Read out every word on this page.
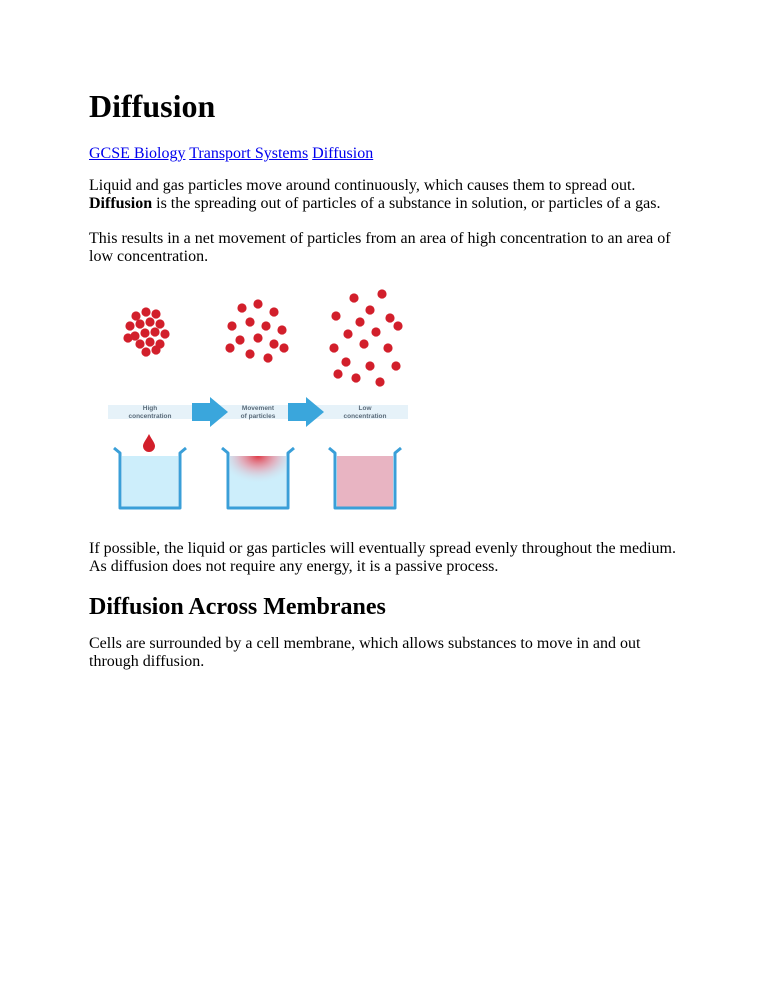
Diffusion
GCSE Biology Transport Systems Diffusion

Liquid and gas particles move around continuously, which causes them to spread out. Diffusion is the spreading out of particles of a substance in solution, or particles of a gas.

This results in a net movement of particles from an area of high concentration to an area of low concentration.

High
concentration
Movement
of particles
Low
concentration

If possible, the liquid or gas particles will eventually spread evenly throughout the medium. As diffusion does not require any energy, it is a passive process.

Diffusion Across Membranes

Cells are surrounded by a cell membrane, which allows substances to move in and out through diffusion.
